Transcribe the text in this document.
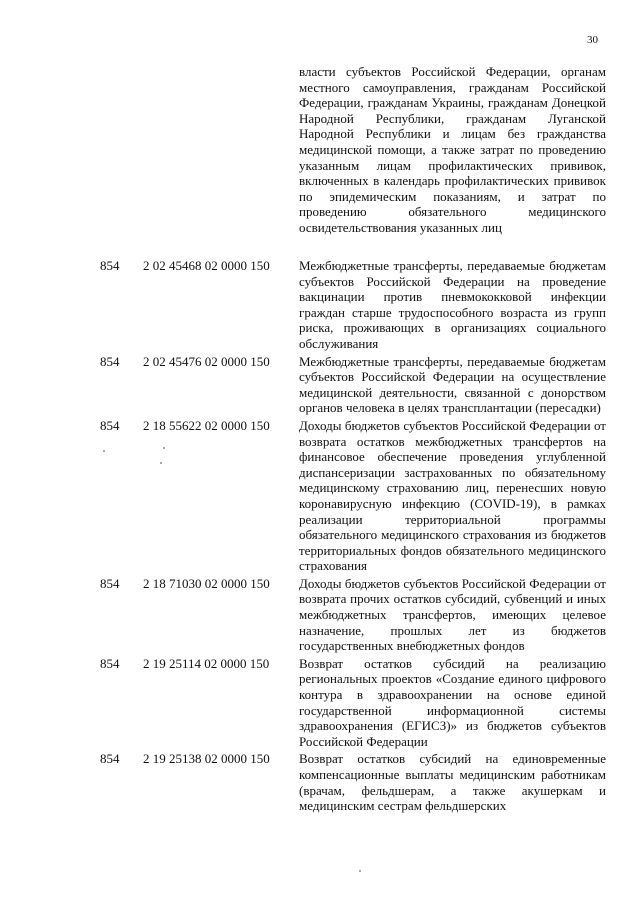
30
власти субъектов Российской Федерации, органам местного самоуправления, гражданам Российской Федерации, гражданам Украины, гражданам Донецкой Народной Республики, гражданам Луганской Народной Республики и лицам без гражданства медицинской помощи, а также затрат по проведению указанным лицам профилактических прививок, включенных в календарь профилактических прививок по эпидемическим показаниям, и затрат по проведению обязательного медицинского освидетельствования указанных лиц
854	2 02 45468 02 0000 150	Межбюджетные трансферты, передаваемые бюджетам субъектов Российской Федерации на проведение вакцинации против пневмококковой инфекции граждан старше трудоспособного возраста из групп риска, проживающих в организациях социального обслуживания
854	2 02 45476 02 0000 150	Межбюджетные трансферты, передаваемые бюджетам субъектов Российской Федерации на осуществление медицинской деятельности, связанной с донорством органов человека в целях трансплантации (пересадки)
854	2 18 55622 02 0000 150	Доходы бюджетов субъектов Российской Федерации от возврата остатков межбюджетных трансфертов на финансовое обеспечение проведения углубленной диспансеризации застрахованных по обязательному медицинскому страхованию лиц, перенесших новую коронавирусную инфекцию (COVID-19), в рамках реализации территориальной программы обязательного медицинского страхования из бюджетов территориальных фондов обязательного медицинского страхования
854	2 18 71030 02 0000 150	Доходы бюджетов субъектов Российской Федерации от возврата прочих остатков субсидий, субвенций и иных межбюджетных трансфертов, имеющих целевое назначение, прошлых лет из бюджетов государственных внебюджетных фондов
854	2 19 25114 02 0000 150	Возврат остатков субсидий на реализацию региональных проектов «Создание единого цифрового контура в здравоохранении на основе единой государственной информационной системы здравоохранения (ЕГИСЗ)» из бюджетов субъектов Российской Федерации
854	2 19 25138 02 0000 150	Возврат остатков субсидий на единовременные компенсационные выплаты медицинским работникам (врачам, фельдшерам, а также акушеркам и медицинским сестрам фельдшерских
